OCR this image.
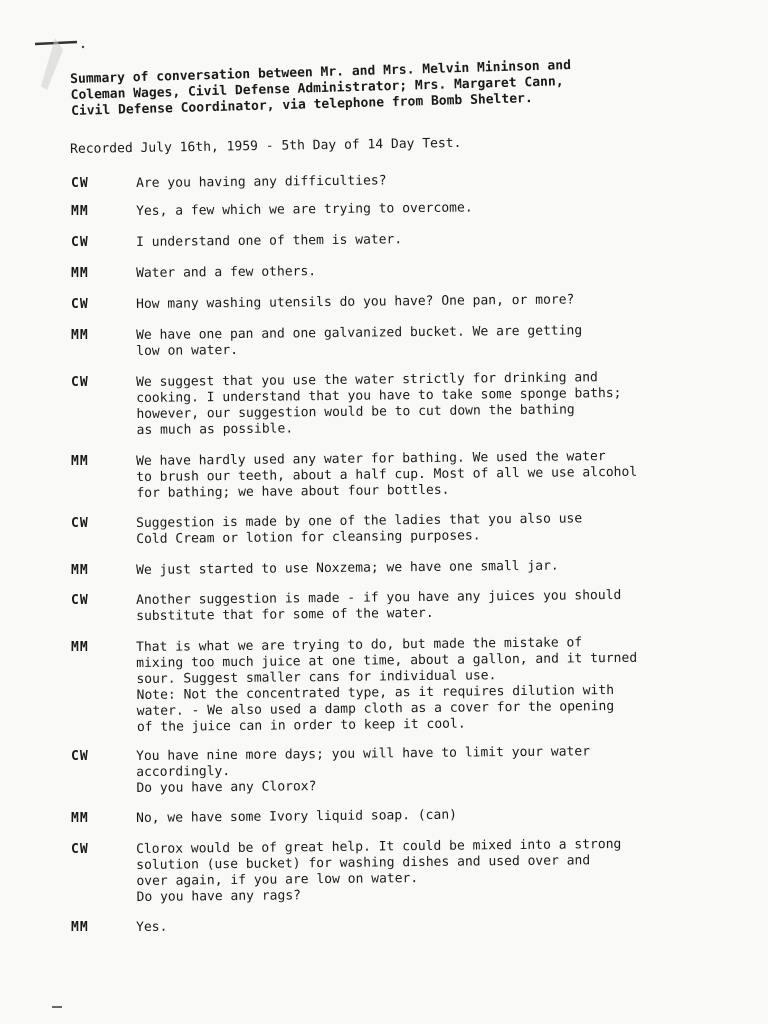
Summary of conversation between Mr. and Mrs. Melvin Mininson and
Coleman Wages, Civil Defense Administrator; Mrs. Margaret Cann,
Civil Defense Coordinator, via telephone from Bomb Shelter.
Recorded July 16th, 1959 - 5th Day of 14 Day Test.
CW	Are you having any difficulties?
MM	Yes, a few which we are trying to overcome.
CW	I understand one of them is water.
MM	Water and a few others.
CW	How many washing utensils do you have? One pan, or more?
MM	We have one pan and one galvanized bucket. We are getting
low on water.
CW	We suggest that you use the water strictly for drinking and
cooking. I understand that you have to take some sponge baths;
however, our suggestion would be to cut down the bathing
as much as possible.
MM	We have hardly used any water for bathing. We used the water
to brush our teeth, about a half cup. Most of all we use alcohol
for bathing; we have about four bottles.
CW	Suggestion is made by one of the ladies that you also use
Cold Cream or lotion for cleansing purposes.
MM	We just started to use Noxzema; we have one small jar.
CW	Another suggestion is made - if you have any juices you should
substitute that for some of the water.
MM	That is what we are trying to do, but made the mistake of
mixing too much juice at one time, about a gallon, and it turned
sour. Suggest smaller cans for individual use.
Note: Not the concentrated type, as it requires dilution with
water. - We also used a damp cloth as a cover for the opening
of the juice can in order to keep it cool.
CW	You have nine more days; you will have to limit your water
accordingly.
Do you have any Clorox?
MM	No, we have some Ivory liquid soap. (can)
CW	Clorox would be of great help. It could be mixed into a strong
solution (use bucket) for washing dishes and used over and
over again, if you are low on water.
Do you have any rags?
MM	Yes.
